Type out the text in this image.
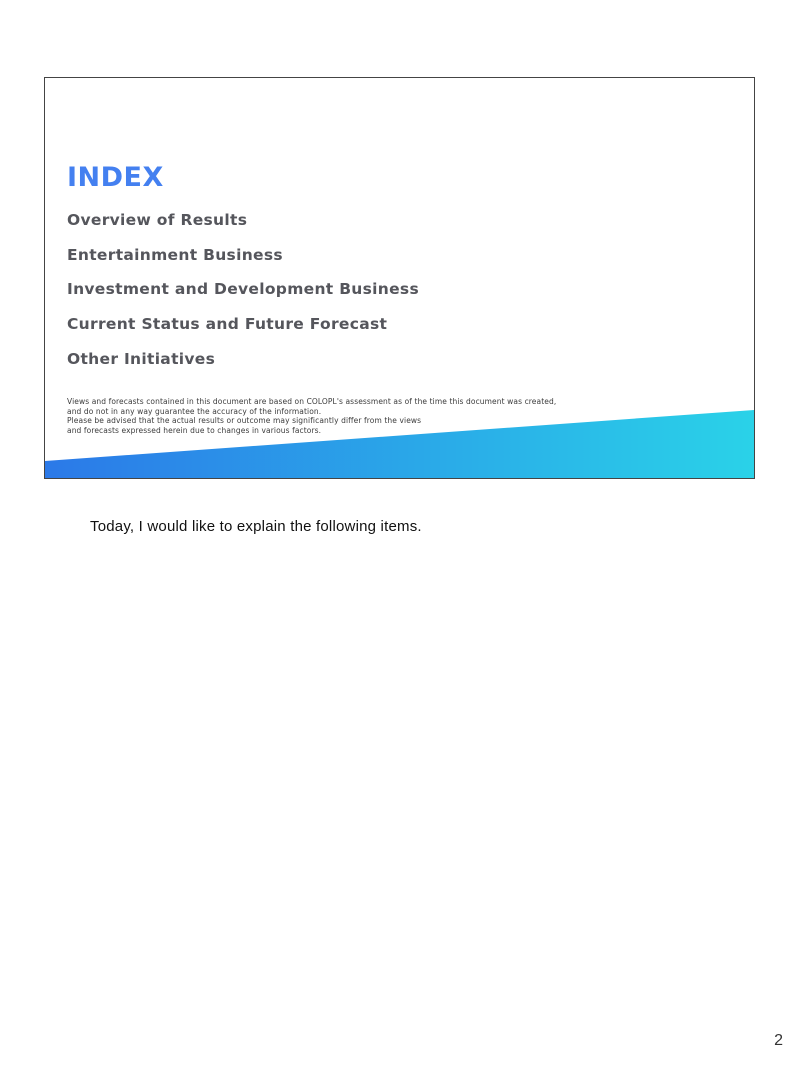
INDEX
Overview of Results
Entertainment Business
Investment and Development Business
Current Status and Future Forecast
Other Initiatives
Views and forecasts contained in this document are based on COLOPL's assessment as of the time this document was created,
and do not in any way guarantee the accuracy of the information.
Please be advised that the actual results or outcome may significantly differ from the views
and forecasts expressed herein due to changes in various factors.
Today, I would like to explain the following items.
2
